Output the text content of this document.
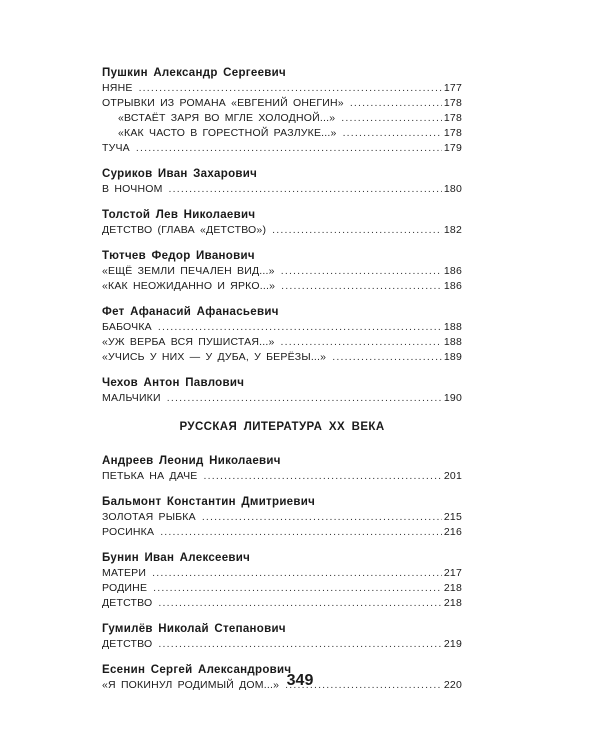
Пушкин Александр Сергеевич
НЯНЕ .....	177
ОТРЫВКИ ИЗ РОМАНА «ЕВГЕНИЙ ОНЕГИН» .....	178
«ВСТАЁТ ЗАРЯ ВО МГЛЕ ХОЛОДНОЙ...» .....	178
«КАК ЧАСТО В ГОРЕСТНОЙ РАЗЛУКЕ...» .....	178
ТУЧА .....	179
Суриков Иван Захарович
В НОЧНОМ .....	180
Толстой Лев Николаевич
ДЕТСТВО (ГЛАВА «ДЕТСТВО») .....	182
Тютчев Федор Иванович
«ЕЩЁ ЗЕМЛИ ПЕЧАЛЕН ВИД...» .....	186
«КАК НЕОЖИДАННО И ЯРКО...» .....	186
Фет Афанасий Афанасьевич
БАБОЧКА .....	188
«УЖ ВЕРБА ВСЯ ПУШИСТАЯ...» .....	188
«УЧИСЬ У НИХ — У ДУБА, У БЕРЁЗЫ...» .....	189
Чехов Антон Павлович
МАЛЬЧИКИ .....	190
РУССКАЯ ЛИТЕРАТУРА XX ВЕКА
Андреев Леонид Николаевич
ПЕТЬКА НА ДАЧЕ .....	201
Бальмонт Константин Дмитриевич
ЗОЛОТАЯ РЫБКА .....	215
РОСИНКА .....	216
Бунин Иван Алексеевич
МАТЕРИ .....	217
РОДИНЕ .....	218
ДЕТСТВО .....	218
Гумилёв Николай Степанович
ДЕТСТВО .....	219
Есенин Сергей Александрович
«Я ПОКИНУЛ РОДИМЫЙ ДОМ...» .....	220
349
